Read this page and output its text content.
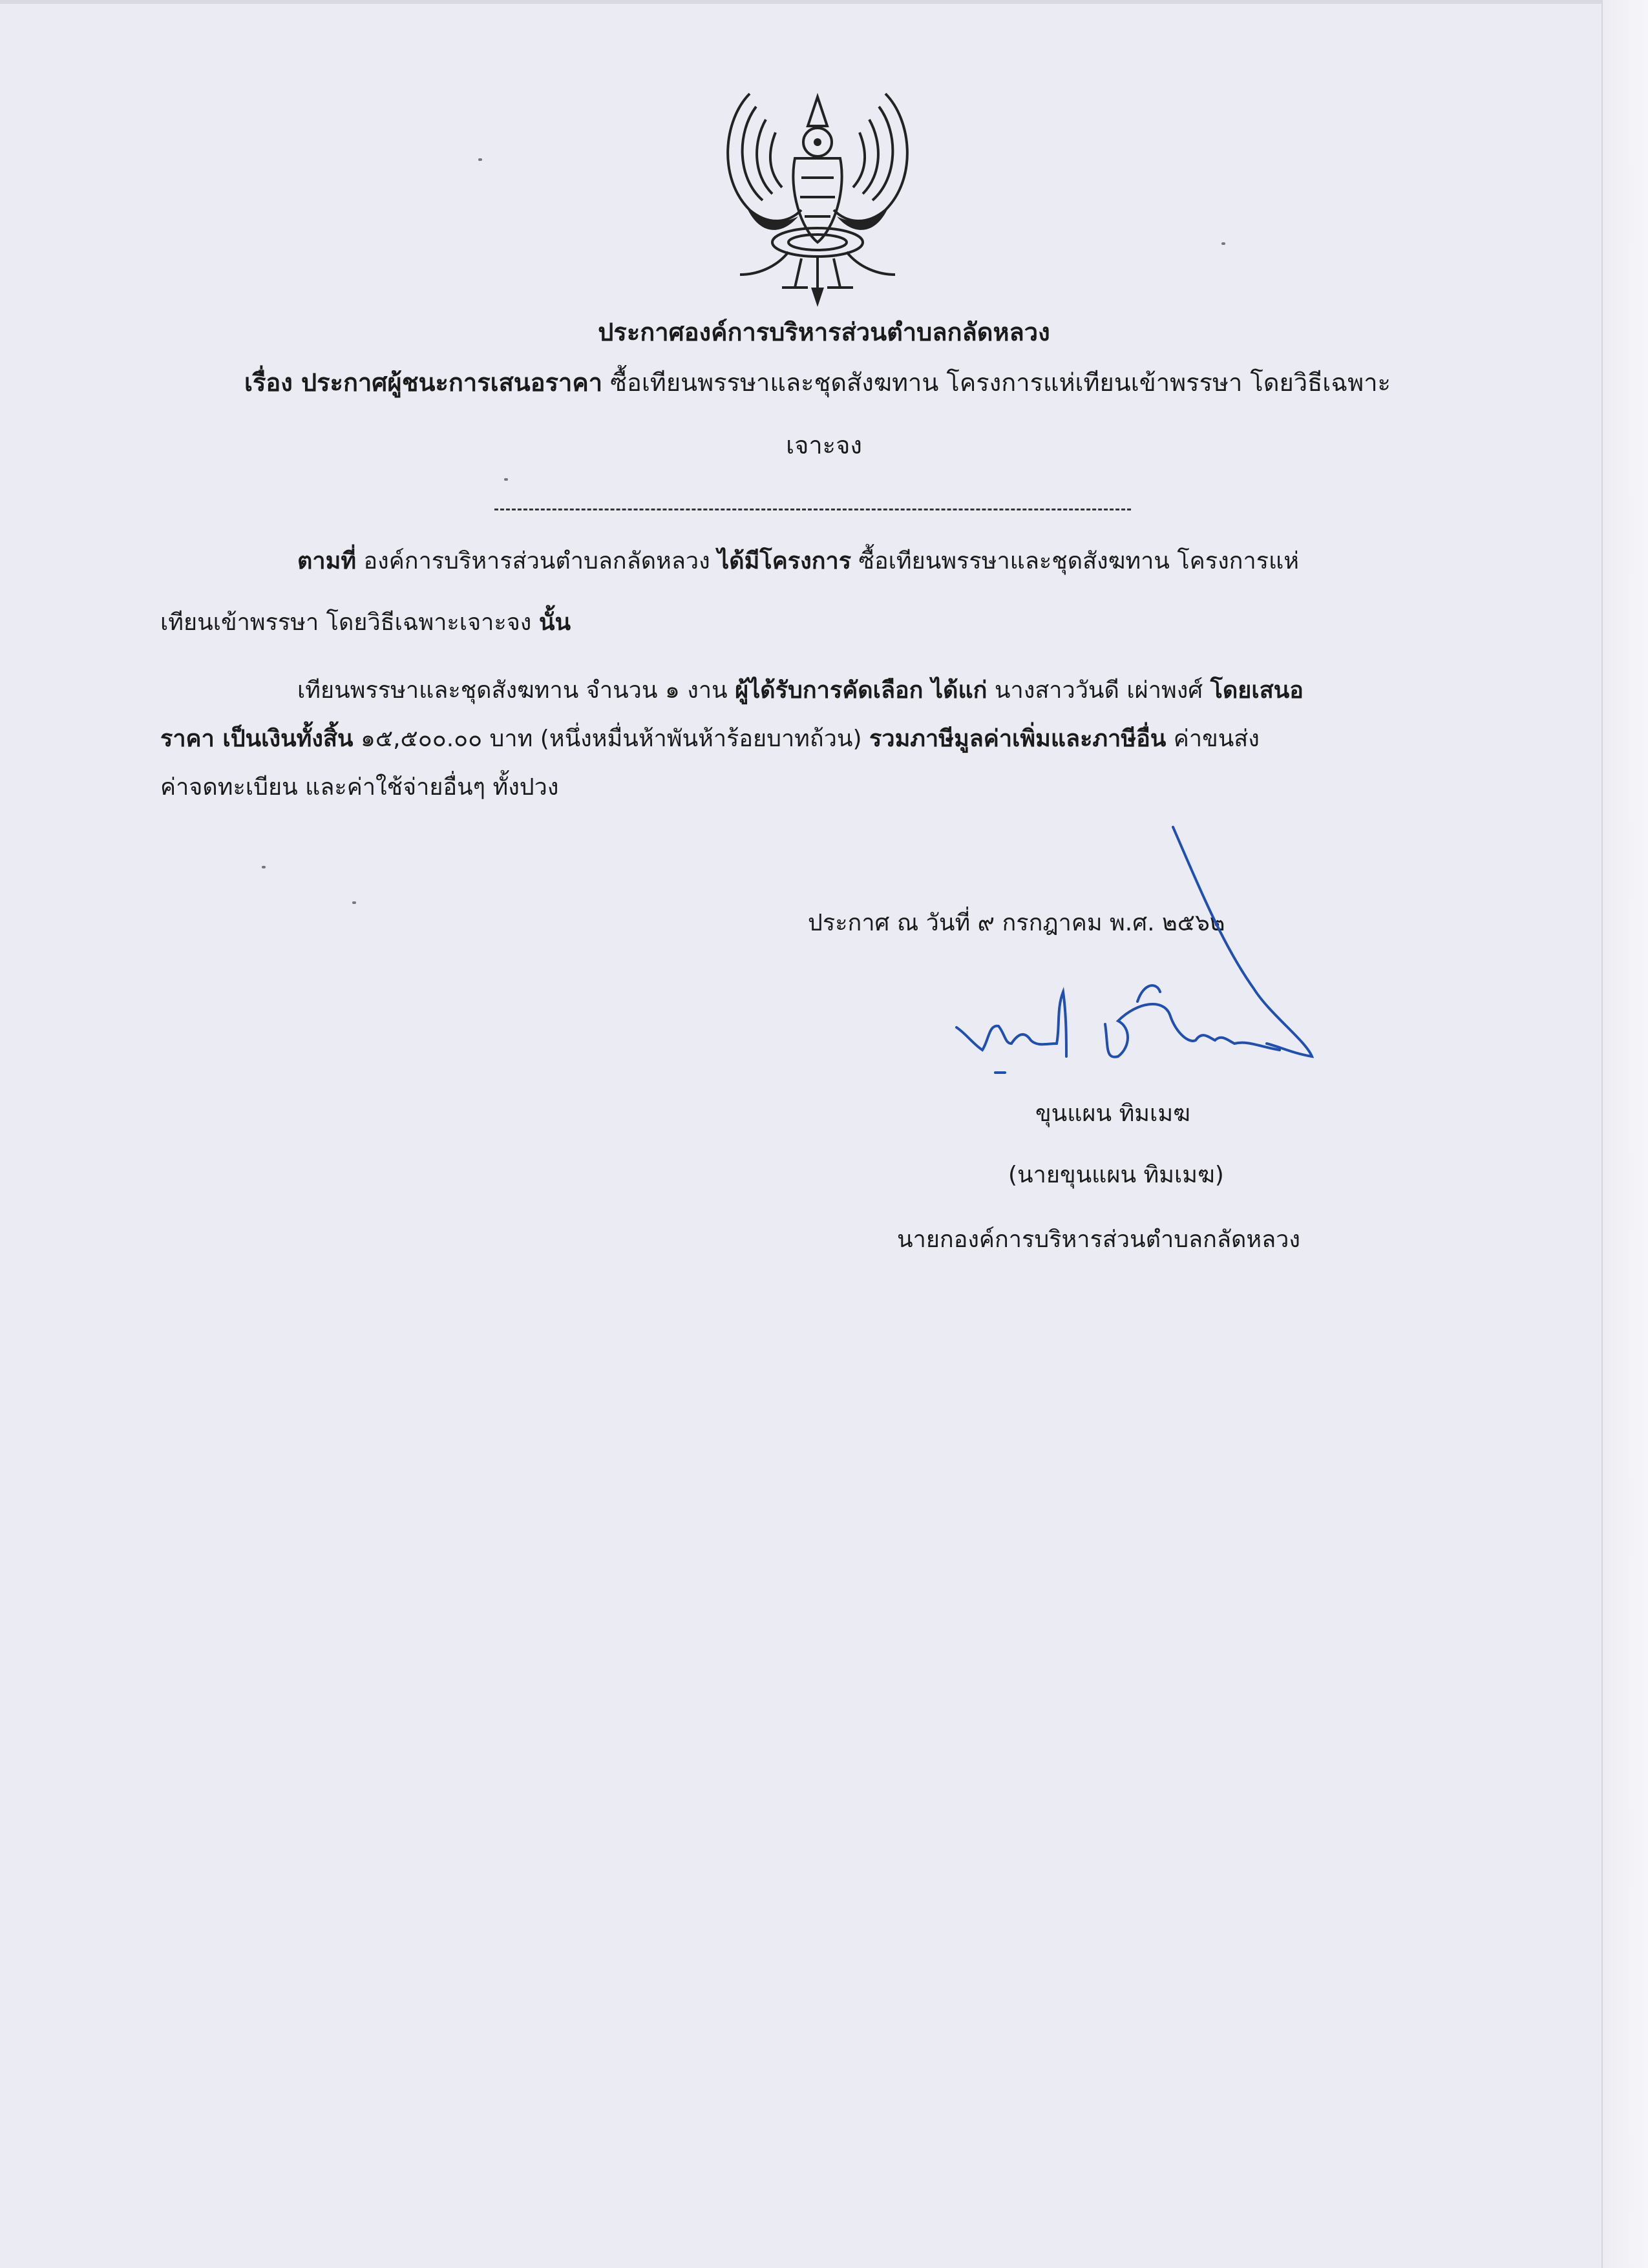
ประกาศองค์การบริหารส่วนตำบลกลัดหลวง
เรื่อง ประกาศผู้ชนะการเสนอราคา ซื้อเทียนพรรษาและชุดสังฆทาน โครงการแห่เทียนเข้าพรรษา โดยวิธีเฉพาะ
เจาะจง
ตามที่ องค์การบริหารส่วนตำบลกลัดหลวง ได้มีโครงการ ซื้อเทียนพรรษาและชุดสังฆทาน โครงการแห่
เทียนเข้าพรรษา โดยวิธีเฉพาะเจาะจง นั้น
เทียนพรรษาและชุดสังฆทาน จำนวน ๑ งาน ผู้ได้รับการคัดเลือก ได้แก่ นางสาววันดี เผ่าพงศ์ โดยเสนอ
ราคา เป็นเงินทั้งสิ้น ๑๕,๕๐๐.๐๐ บาท (หนึ่งหมื่นห้าพันห้าร้อยบาทถ้วน) รวมภาษีมูลค่าเพิ่มและภาษีอื่น ค่าขนส่ง
ค่าจดทะเบียน และค่าใช้จ่ายอื่นๆ ทั้งปวง
ประกาศ ณ วันที่ ๙ กรกฎาคม พ.ศ. ๒๕๖๒
ขุนแผน ทิมเมฆ
(นายขุนแผน ทิมเมฆ)
นายกองค์การบริหารส่วนตำบลกลัดหลวง
